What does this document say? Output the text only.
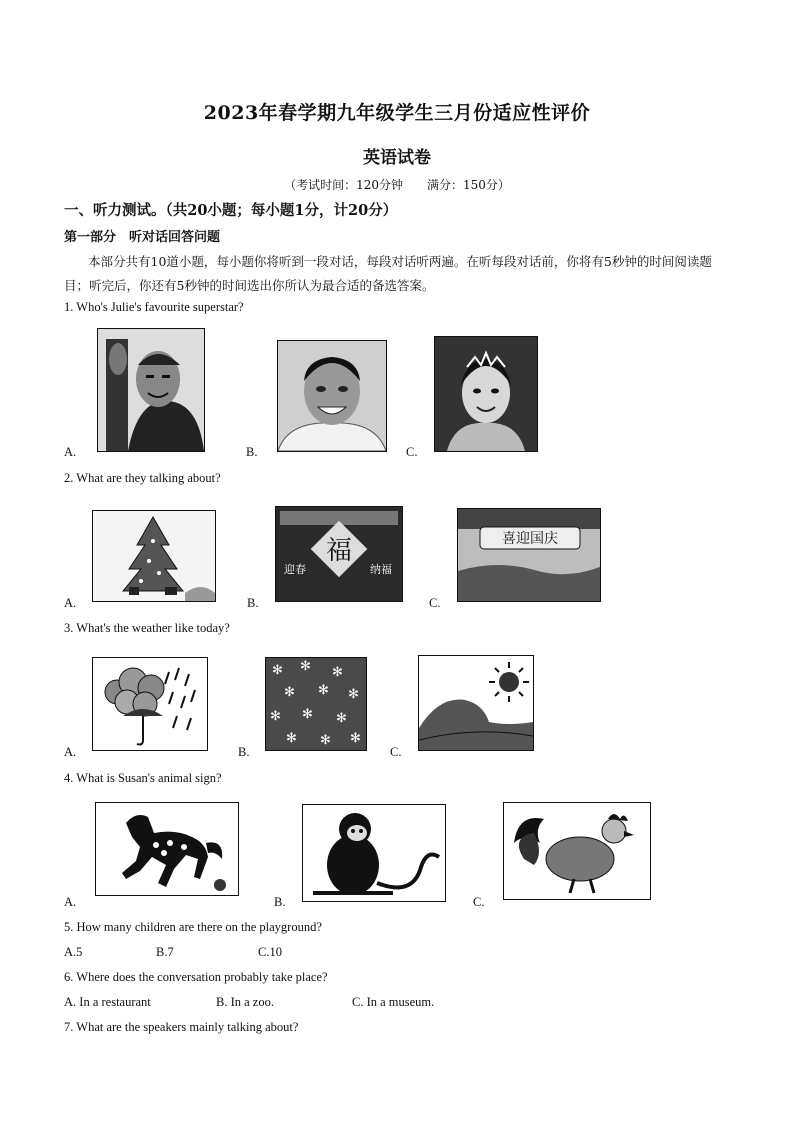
2023年春学期九年级学生三月份适应性评价
英语试卷
（考试时间：120分钟　　满分：150分）
一、听力测试。（共20小题；每小题1分，计20分）
第一部分　听对话回答问题
本部分共有10道小题，每小题你将听到一段对话，每段对话听两遍。在听每段对话前，你将有5秒钟的时间阅读题目；听完后，你还有5秒钟的时间选出你所认为最合适的备选答案。
1. Who's Julie's favourite superstar?
A.	B.	C.
2. What are they talking about?
A.
福
迎春	纳福
B.
喜迎国庆
C.
3. What's the weather like today?
A.
✻ ✻ ✻
✻ ✻ ✻
✻ ✻ ✻
✻ ✻ ✻
B.	C.
4. What is Susan's animal sign?
A.	B.	C.
5. How many children are there on the playground?
A.5	B.7	C.10
6. Where does the conversation probably take place?
A. In a restaurant	B. In a zoo.	C. In a museum.
7. What are the speakers mainly talking about?
